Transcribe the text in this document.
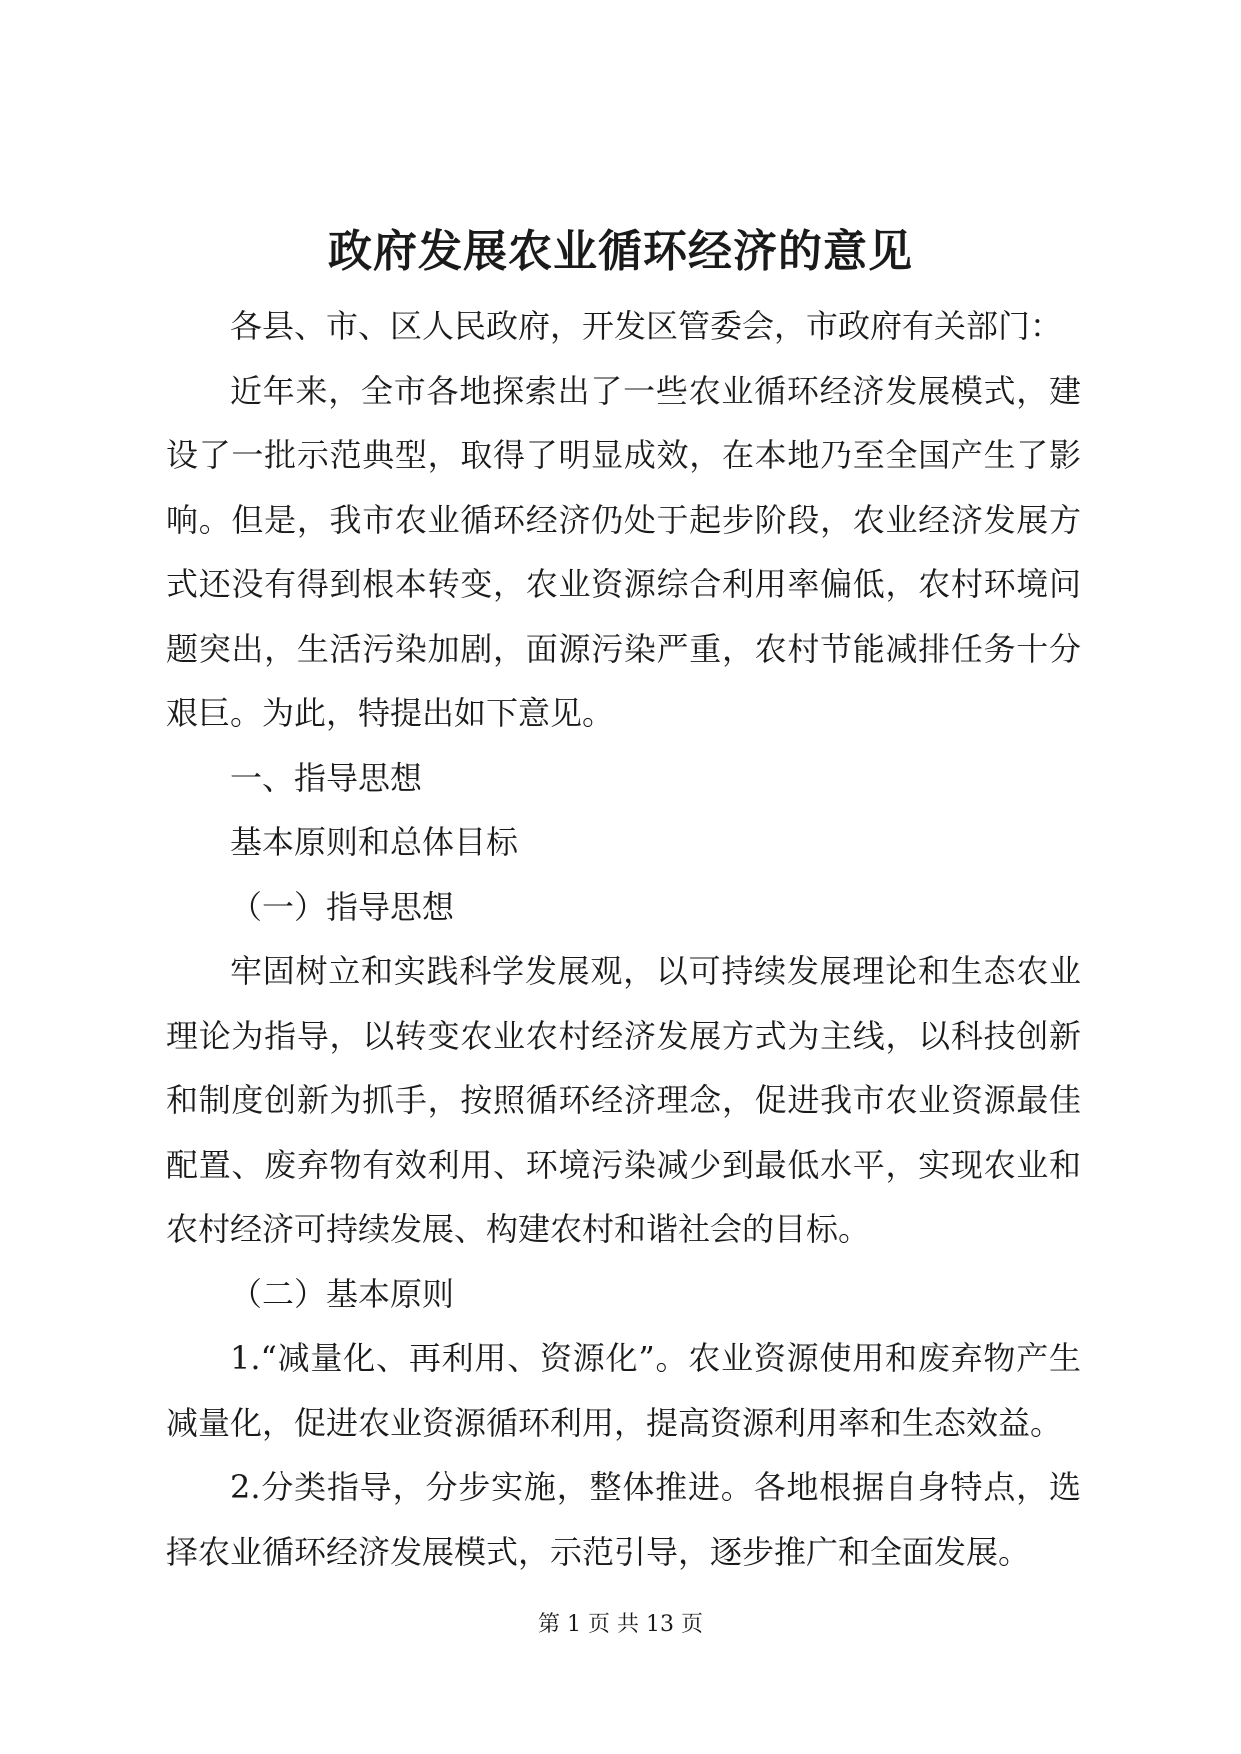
政府发展农业循环经济的意见

各县、市、区人民政府，开发区管委会，市政府有关部门：

近年来，全市各地探索出了一些农业循环经济发展模式，建设了一批示范典型，取得了明显成效，在本地乃至全国产生了影响。但是，我市农业循环经济仍处于起步阶段，农业经济发展方式还没有得到根本转变，农业资源综合利用率偏低，农村环境问题突出，生活污染加剧，面源污染严重，农村节能减排任务十分艰巨。为此，特提出如下意见。

一、指导思想

基本原则和总体目标

（一）指导思想

牢固树立和实践科学发展观，以可持续发展理论和生态农业理论为指导，以转变农业农村经济发展方式为主线，以科技创新和制度创新为抓手，按照循环经济理念，促进我市农业资源最佳配置、废弃物有效利用、环境污染减少到最低水平，实现农业和农村经济可持续发展、构建农村和谐社会的目标。

（二）基本原则

1.“减量化、再利用、资源化”。农业资源使用和废弃物产生减量化，促进农业资源循环利用，提高资源利用率和生态效益。

2.分类指导，分步实施，整体推进。各地根据自身特点，选择农业循环经济发展模式，示范引导，逐步推广和全面发展。

第 1 页 共 13 页
